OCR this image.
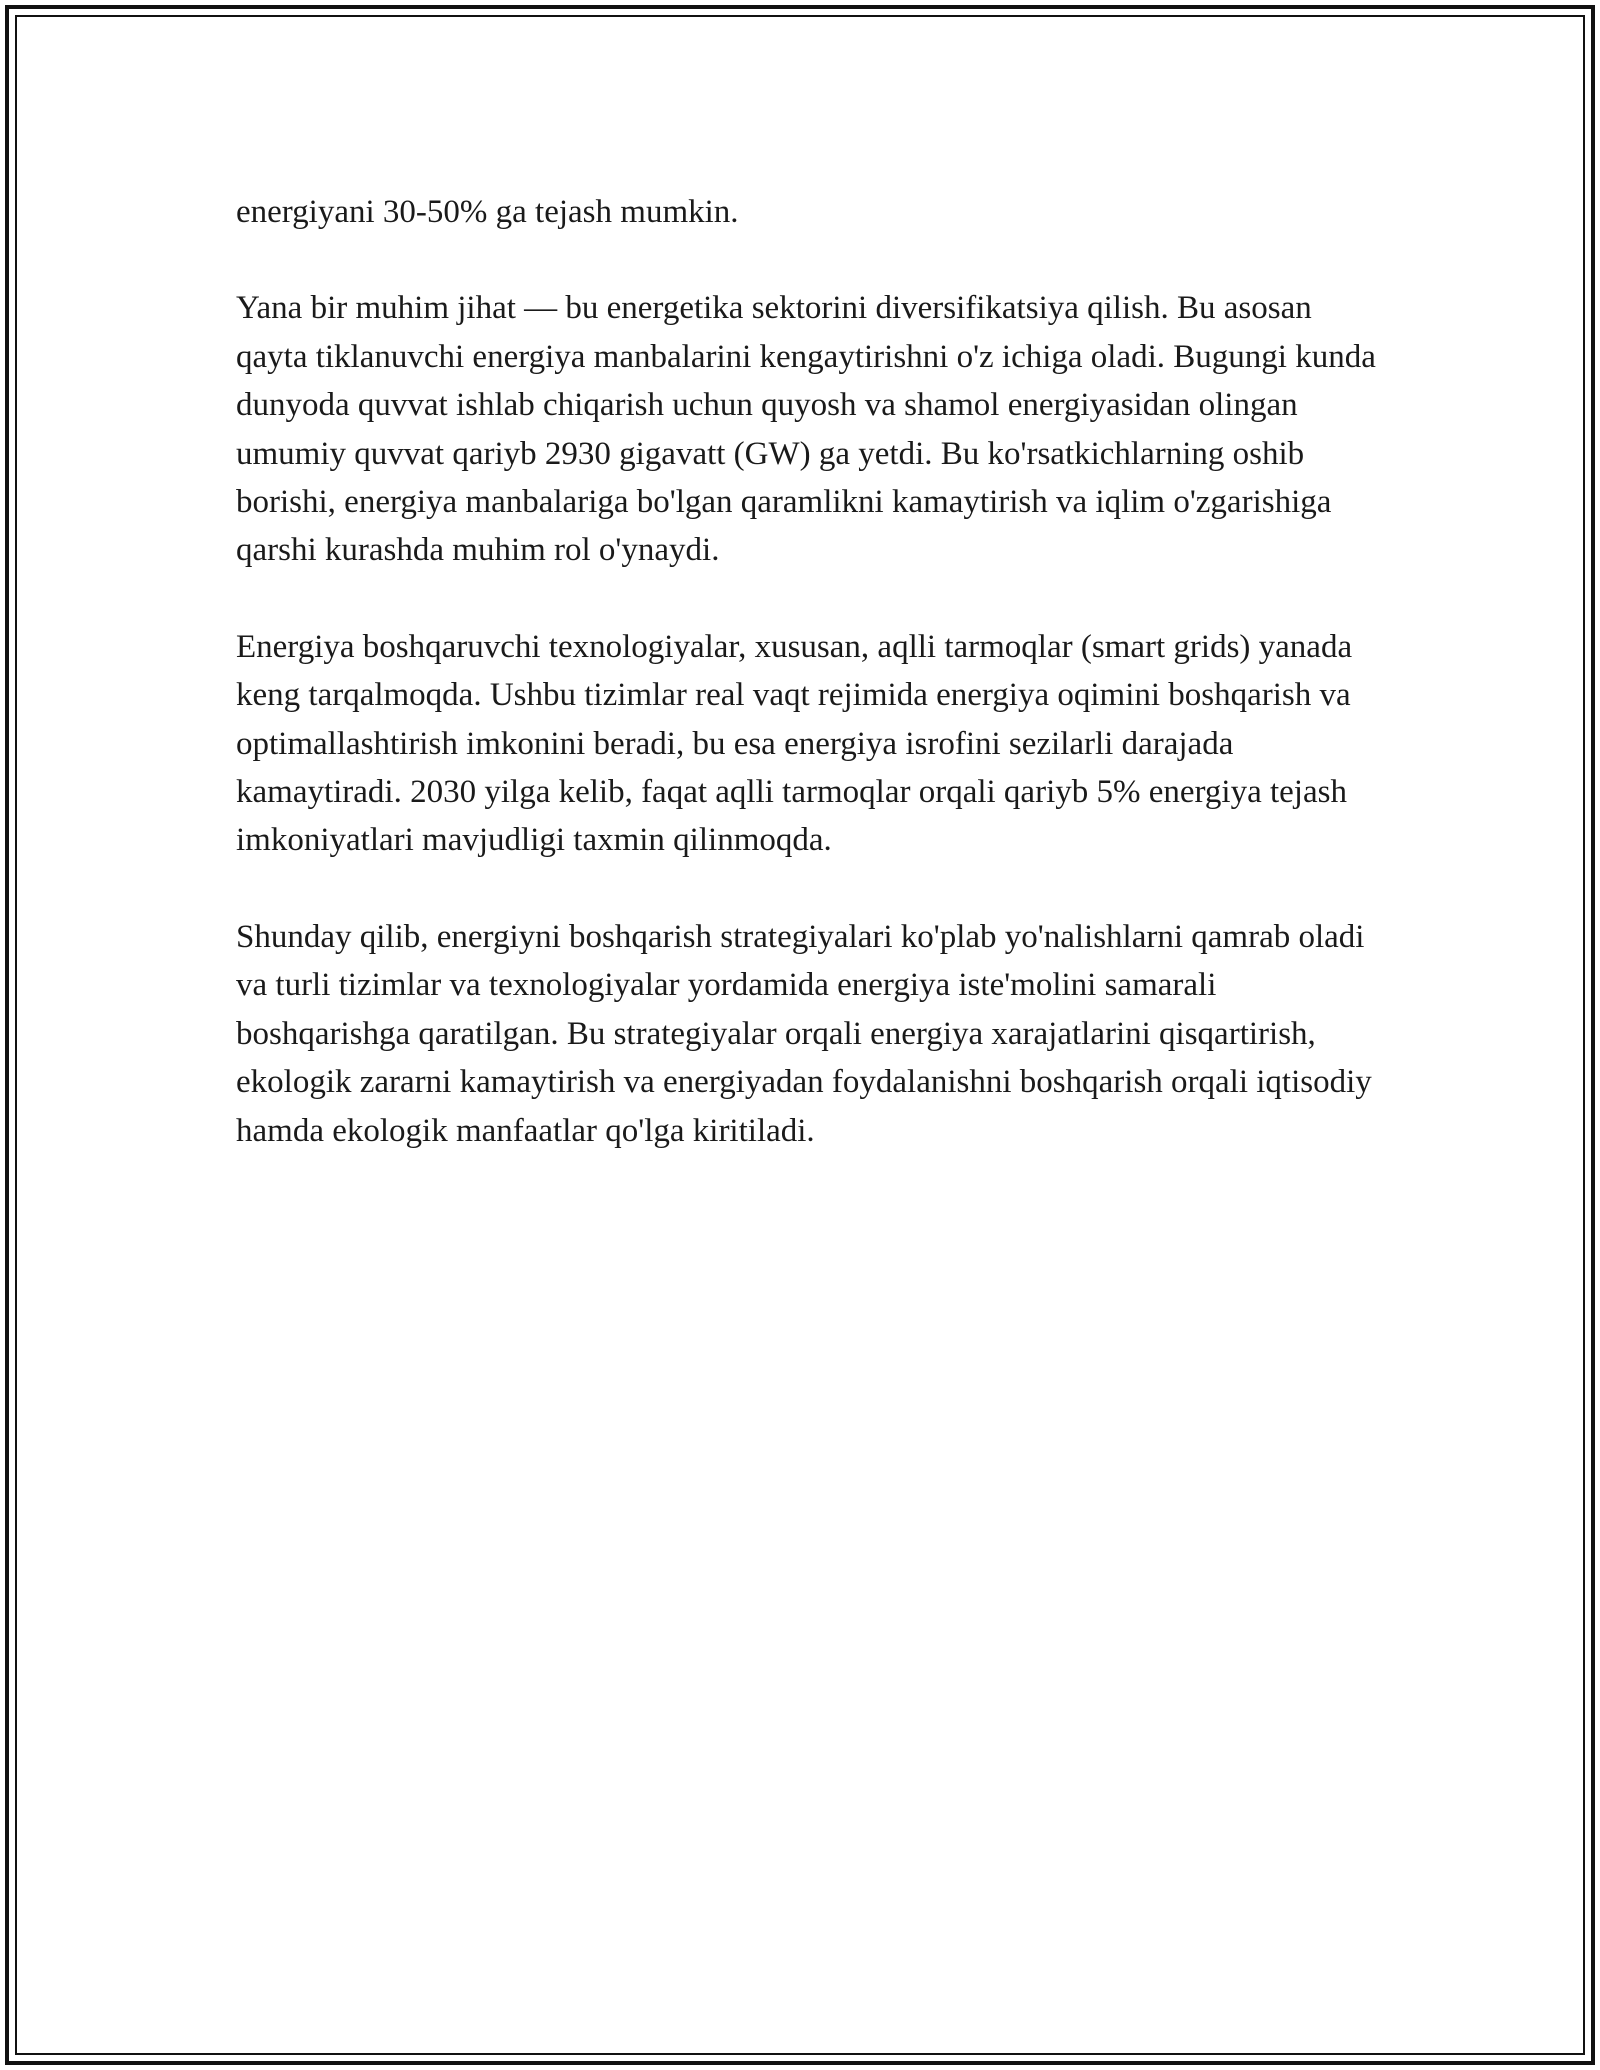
energiyani 30-50% ga tejash mumkin.

Yana bir muhim jihat — bu energetika sektorini diversifikatsiya qilish. Bu asosan qayta tiklanuvchi energiya manbalarini kengaytirishni o'z ichiga oladi. Bugungi kunda dunyoda quvvat ishlab chiqarish uchun quyosh va shamol energiyasidan olingan umumiy quvvat qariyb 2930 gigavatt (GW) ga yetdi. Bu ko'rsatkichlarning oshib borishi, energiya manbalariga bo'lgan qaramlikni kamaytirish va iqlim o'zgarishiga qarshi kurashda muhim rol o'ynaydi.

Energiya boshqaruvchi texnologiyalar, xususan, aqlli tarmoqlar (smart grids) yanada keng tarqalmoqda. Ushbu tizimlar real vaqt rejimida energiya oqimini boshqarish va optimallashtirish imkonini beradi, bu esa energiya isrofini sezilarli darajada kamaytiradi. 2030 yilga kelib, faqat aqlli tarmoqlar orqali qariyb 5% energiya tejash imkoniyatlari mavjudligi taxmin qilinmoqda.

Shunday qilib, energiyni boshqarish strategiyalari ko'plab yo'nalishlarni qamrab oladi va turli tizimlar va texnologiyalar yordamida energiya iste'molini samarali boshqarishga qaratilgan. Bu strategiyalar orqali energiya xarajatlarini qisqartirish, ekologik zararni kamaytirish va energiyadan foydalanishni boshqarish orqali iqtisodiy hamda ekologik manfaatlar qo'lga kiritiladi.
